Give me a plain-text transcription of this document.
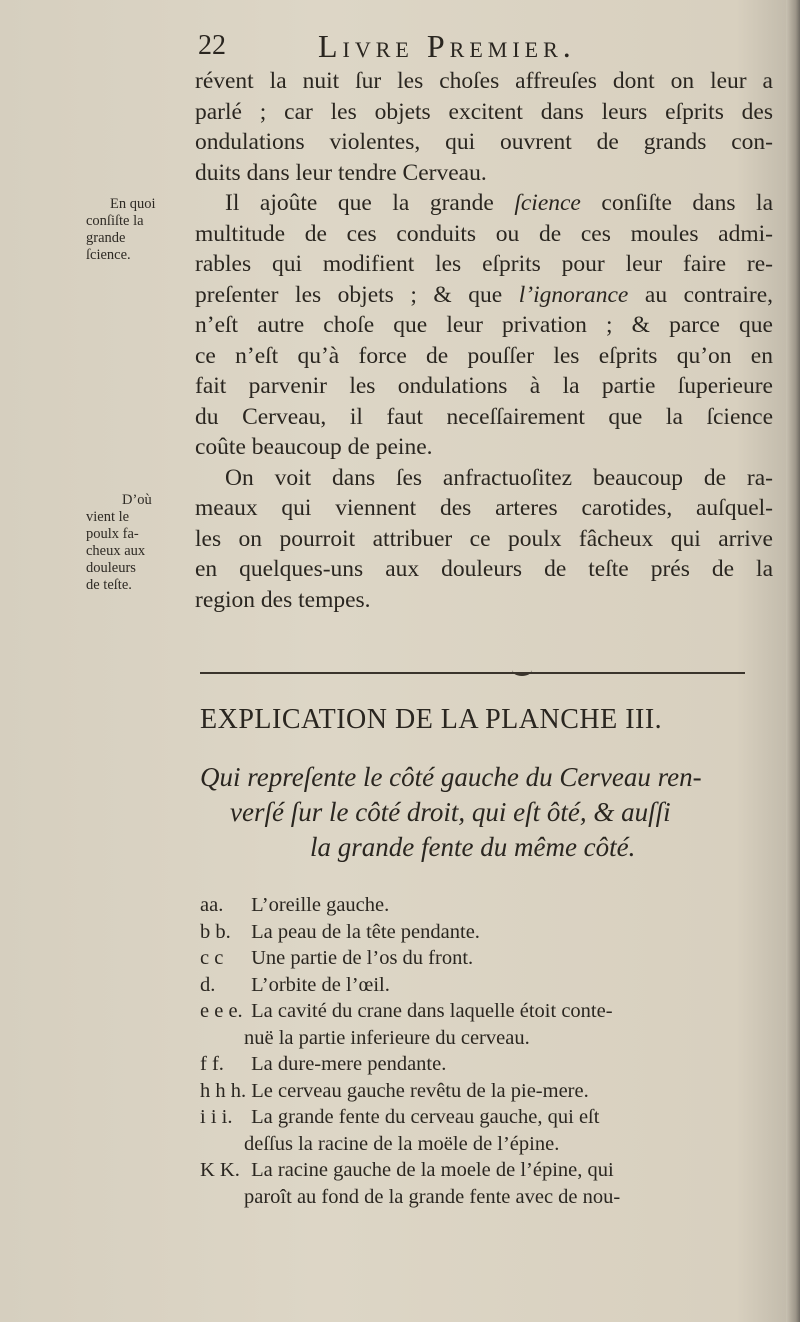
22	Livre Premier.
En quoi
conſiſte la
grande
ſcience.
D’où
vient le
poulx fa-
cheux aux
douleurs
de teſte.
révent la nuit ſur les choſes affreuſes dont on leur a
parlé ; car les objets excitent dans leurs eſprits des
ondulations violentes, qui ouvrent de grands con-
duits dans leur tendre Cerveau.
Il ajoûte que la grande ſcience conſiſte dans la
multitude de ces conduits ou de ces moules admi-
rables qui modifient les eſprits pour leur faire re-
preſenter les objets ; & que l’ignorance au contraire,
n’eſt autre choſe que leur privation ; & parce que
ce n’eſt qu’à force de pouſſer les eſprits qu’on en
fait parvenir les ondulations à la partie ſuperieure
du Cerveau, il faut neceſſairement que la ſcience
coûte beaucoup de peine.
On voit dans ſes anfractuoſitez beaucoup de ra-
meaux qui viennent des arteres carotides, auſquel-
les on pourroit attribuer ce poulx fâcheux qui arrive
en quelques-uns aux douleurs de teſte prés de la
region des tempes.
EXPLICATION DE LA PLANCHE III.
Qui repreſente le côté gauche du Cerveau ren-
verſé ſur le côté droit, qui eſt ôté, & auſſi
la grande fente du même côté.
aa. L’oreille gauche.
b b. La peau de la tête pendante.
c c Une partie de l’os du front.
d. L’orbite de l’œil.
e e e. La cavité du crane dans laquelle étoit conte-
nuë la partie inferieure du cerveau.
f f. La dure-mere pendante.
h h h. Le cerveau gauche revêtu de la pie-mere.
i i i. La grande fente du cerveau gauche, qui eſt
deſſus la racine de la moële de l’épine.
K K. La racine gauche de la moele de l’épine, qui
paroît au fond de la grande fente avec de nou-
